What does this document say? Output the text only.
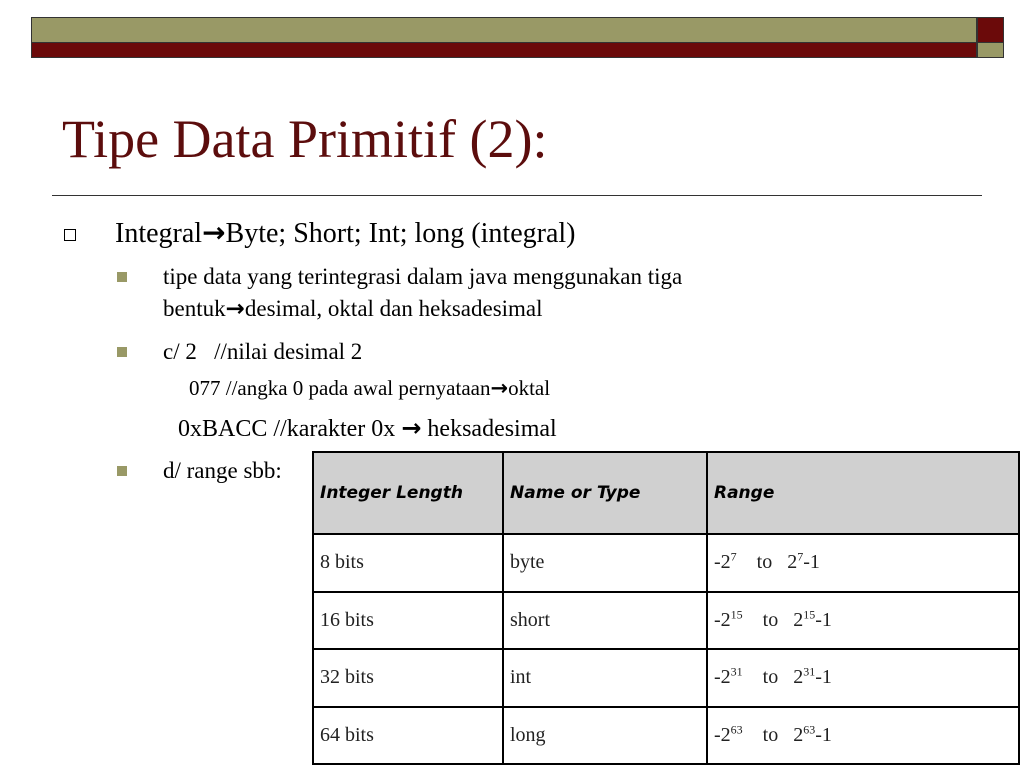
Tipe Data Primitif (2):
Integral→Byte; Short; Int; long (integral)
tipe data yang terintegrasi dalam java menggunakan tiga
bentuk→desimal, oktal dan heksadesimal
c/ 2   //nilai desimal 2
077 //angka 0 pada awal pernyataan→oktal
0xBACC //karakter 0x → heksadesimal
d/ range sbb:
Integer Length	Name or Type	Range
8 bits	byte	$-2^7$ to $2^7-1$
16 bits	short	$-2^{15}$ to $2^{15}-1$
32 bits	int	$-2^{31}$ to $2^{31}-1$
64 bits	long	$-2^{63}$ to $2^{63}-1$
